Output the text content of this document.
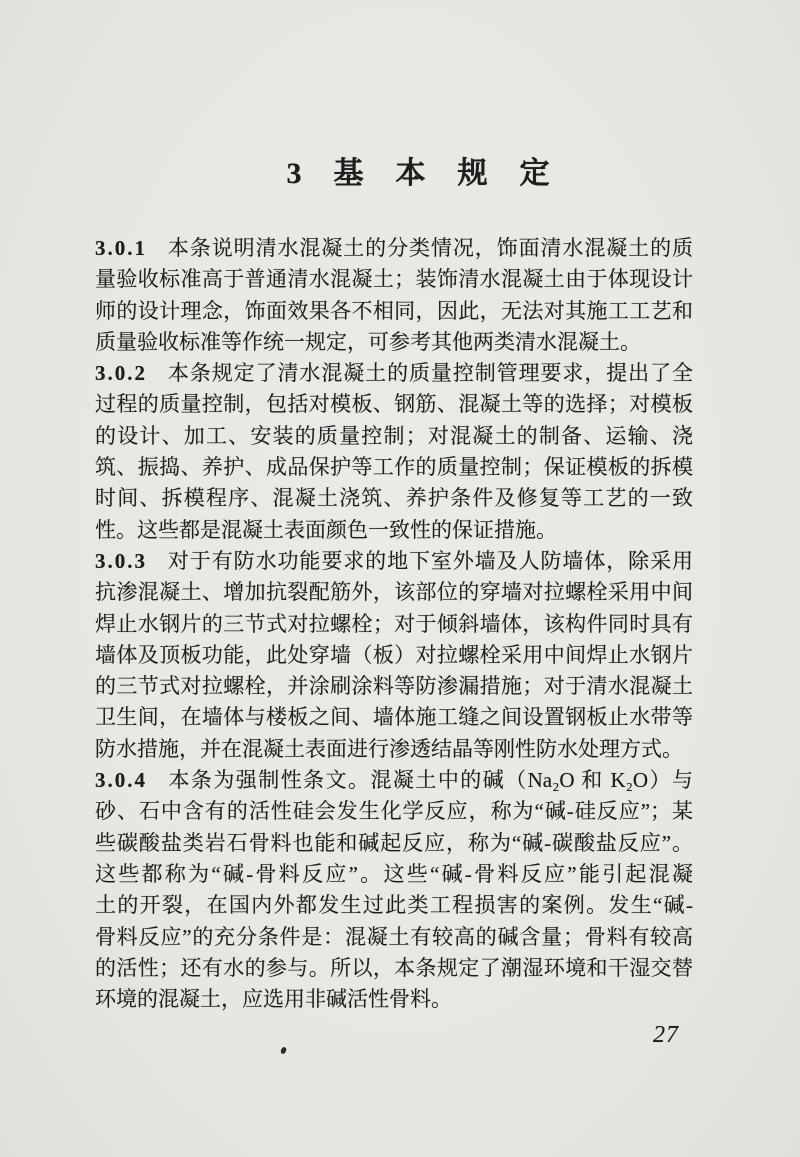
3 基本规定
3.0.1 本条说明清水混凝土的分类情况，饰面清水混凝土的质
量验收标准高于普通清水混凝土；装饰清水混凝土由于体现设计
师的设计理念，饰面效果各不相同，因此，无法对其施工工艺和
质量验收标准等作统一规定，可参考其他两类清水混凝土。
3.0.2 本条规定了清水混凝土的质量控制管理要求，提出了全
过程的质量控制，包括对模板、钢筋、混凝土等的选择；对模板
的设计、加工、安装的质量控制；对混凝土的制备、运输、浇
筑、振捣、养护、成品保护等工作的质量控制；保证模板的拆模
时间、拆模程序、混凝土浇筑、养护条件及修复等工艺的一致
性。这些都是混凝土表面颜色一致性的保证措施。
3.0.3 对于有防水功能要求的地下室外墙及人防墙体，除采用
抗渗混凝土、增加抗裂配筋外，该部位的穿墙对拉螺栓采用中间
焊止水钢片的三节式对拉螺栓；对于倾斜墙体，该构件同时具有
墙体及顶板功能，此处穿墙（板）对拉螺栓采用中间焊止水钢片
的三节式对拉螺栓，并涂刷涂料等防渗漏措施；对于清水混凝土
卫生间，在墙体与楼板之间、墙体施工缝之间设置钢板止水带等
防水措施，并在混凝土表面进行渗透结晶等刚性防水处理方式。
3.0.4 本条为强制性条文。混凝土中的碱（Na₂O 和 K₂O）与
砂、石中含有的活性硅会发生化学反应，称为“碱-硅反应”；某
些碳酸盐类岩石骨料也能和碱起反应，称为“碱-碳酸盐反应”。
这些都称为“碱-骨料反应”。这些“碱-骨料反应”能引起混凝
土的开裂，在国内外都发生过此类工程损害的案例。发生“碱-
骨料反应”的充分条件是：混凝土有较高的碱含量；骨料有较高
的活性；还有水的参与。所以，本条规定了潮湿环境和干湿交替
环境的混凝土，应选用非碱活性骨料。
27
